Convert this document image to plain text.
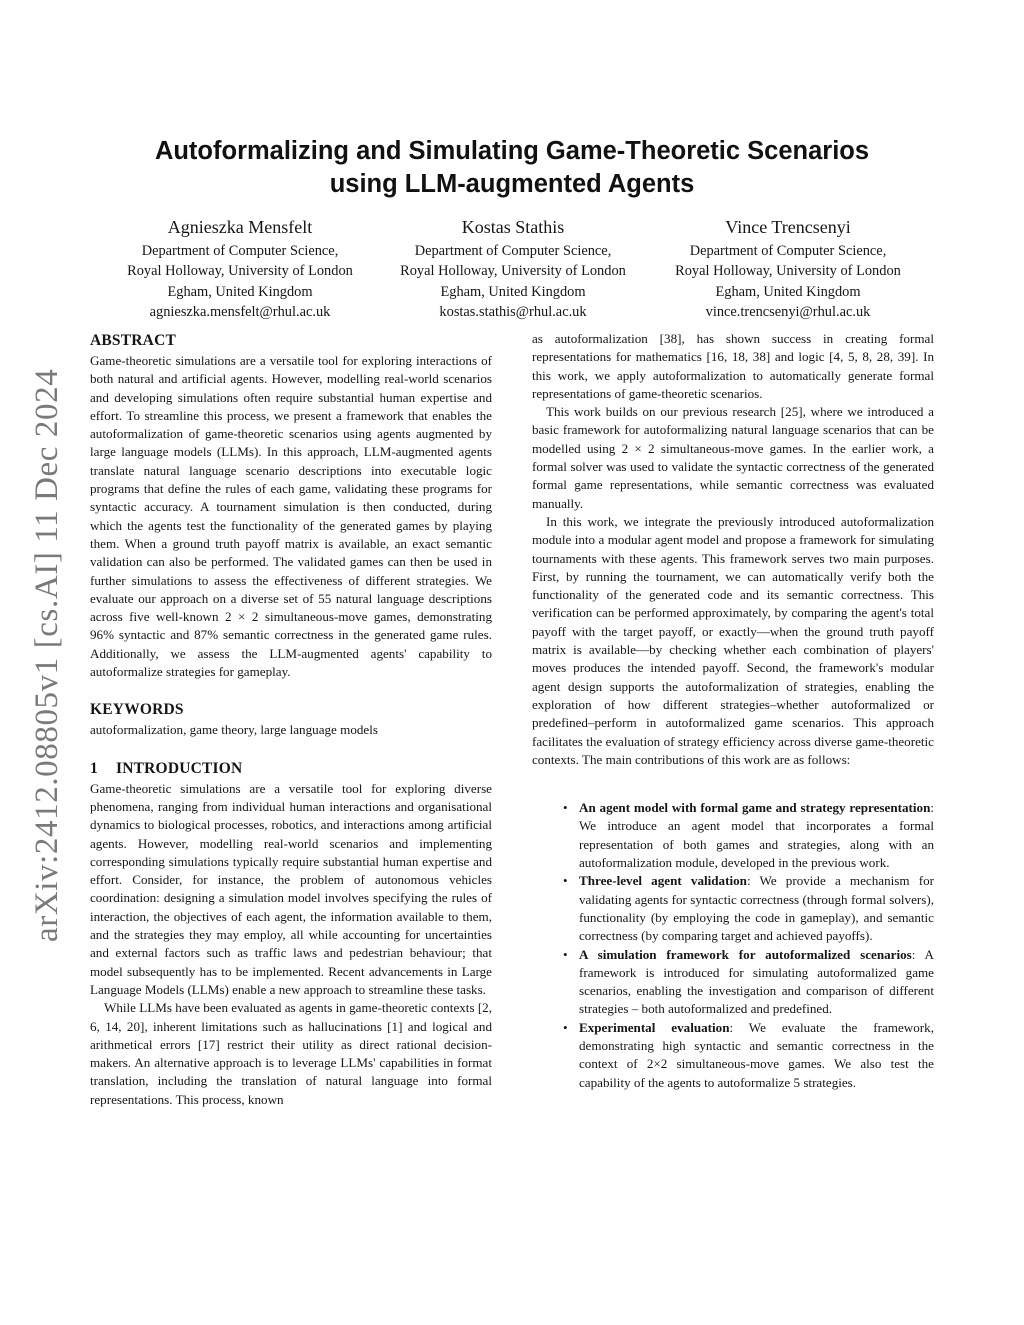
arXiv:2412.08805v1 [cs.AI] 11 Dec 2024
Autoformalizing and Simulating Game-Theoretic Scenarios
using LLM-augmented Agents
Agnieszka Mensfelt
Department of Computer Science,
Royal Holloway, University of London
Egham, United Kingdom
agnieszka.mensfelt@rhul.ac.uk
Kostas Stathis
Department of Computer Science,
Royal Holloway, University of London
Egham, United Kingdom
kostas.stathis@rhul.ac.uk
Vince Trencsenyi
Department of Computer Science,
Royal Holloway, University of London
Egham, United Kingdom
vince.trencsenyi@rhul.ac.uk
ABSTRACT

Game-theoretic simulations are a versatile tool for exploring interactions of both natural and artificial agents. However, modelling real-world scenarios and developing simulations often require substantial human expertise and effort. To streamline this process, we present a framework that enables the autoformalization of game-theoretic scenarios using agents augmented by large language models (LLMs). In this approach, LLM-augmented agents translate natural language scenario descriptions into executable logic programs that define the rules of each game, validating these programs for syntactic accuracy. A tournament simulation is then conducted, during which the agents test the functionality of the generated games by playing them. When a ground truth payoff matrix is available, an exact semantic validation can also be performed. The validated games can then be used in further simulations to assess the effectiveness of different strategies. We evaluate our approach on a diverse set of 55 natural language descriptions across five well-known 2 × 2 simultaneous-move games, demonstrating 96% syntactic and 87% semantic correctness in the generated game rules. Additionally, we assess the LLM-augmented agents' capability to autoformalize strategies for gameplay.

KEYWORDS

autoformalization, game theory, large language models

1 INTRODUCTION

Game-theoretic simulations are a versatile tool for exploring diverse phenomena, ranging from individual human interactions and organisational dynamics to biological processes, robotics, and interactions among artificial agents. However, modelling real-world scenarios and implementing corresponding simulations typically require substantial human expertise and effort. Consider, for instance, the problem of autonomous vehicles coordination: designing a simulation model involves specifying the rules of interaction, the objectives of each agent, the information available to them, and the strategies they may employ, all while accounting for uncertainties and external factors such as traffic laws and pedestrian behaviour; that model subsequently has to be implemented. Recent advancements in Large Language Models (LLMs) enable a new approach to streamline these tasks.

While LLMs have been evaluated as agents in game-theoretic contexts [2, 6, 14, 20], inherent limitations such as hallucinations [1] and logical and arithmetical errors [17] restrict their utility as direct rational decision-makers. An alternative approach is to leverage LLMs' capabilities in format translation, including the translation of natural language into formal representations. This process, known

as autoformalization [38], has shown success in creating formal representations for mathematics [16, 18, 38] and logic [4, 5, 8, 28, 39]. In this work, we apply autoformalization to automatically generate formal representations of game-theoretic scenarios.

This work builds on our previous research [25], where we introduced a basic framework for autoformalizing natural language scenarios that can be modelled using 2 × 2 simultaneous-move games. In the earlier work, a formal solver was used to validate the syntactic correctness of the generated formal game representations, while semantic correctness was evaluated manually.

In this work, we integrate the previously introduced autoformalization module into a modular agent model and propose a framework for simulating tournaments with these agents. This framework serves two main purposes. First, by running the tournament, we can automatically verify both the functionality of the generated code and its semantic correctness. This verification can be performed approximately, by comparing the agent's total payoff with the target payoff, or exactly—when the ground truth payoff matrix is available—by checking whether each combination of players' moves produces the intended payoff. Second, the framework's modular agent design supports the autoformalization of strategies, enabling the exploration of how different strategies–whether autoformalized or predefined–perform in autoformalized game scenarios. This approach facilitates the evaluation of strategy efficiency across diverse game-theoretic contexts. The main contributions of this work are as follows:

• An agent model with formal game and strategy representation: We introduce an agent model that incorporates a formal representation of both games and strategies, along with an autoformalization module, developed in the previous work.
• Three-level agent validation: We provide a mechanism for validating agents for syntactic correctness (through formal solvers), functionality (by employing the code in gameplay), and semantic correctness (by comparing target and achieved payoffs).
• A simulation framework for autoformalized scenarios: A framework is introduced for simulating autoformalized game scenarios, enabling the investigation and comparison of different strategies – both autoformalized and predefined.
• Experimental evaluation: We evaluate the framework, demonstrating high syntactic and semantic correctness in the context of 2×2 simultaneous-move games. We also test the capability of the agents to autoformalize 5 strategies.
